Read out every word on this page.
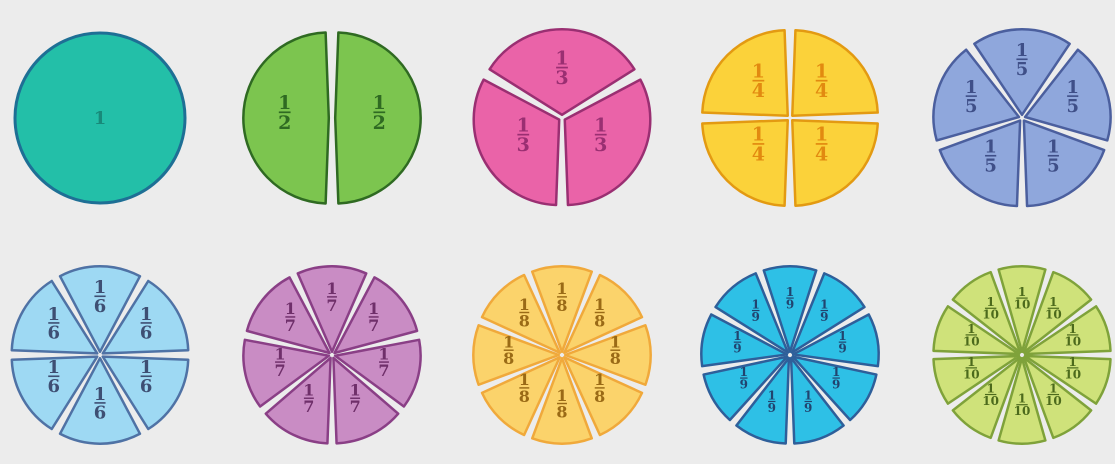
1
1
2
1
2
1
3
1
3
1
3
1
4
1
4
1
4
1
4
1
5
1
5
1
5
1
5
1
5
1
6 1
6
1
6
1
6
1
6
1
6
1
7 1
7
1
7
1
7
1
7
1
7
1
7
1
8 1
8
1
8
1
8
1
8
1
8
1
8
1
8
1
9 1
9
1
9
1
9
1
9
1
9
1
9
1
9
1
9
1
10 1
10
1
10
1
10
1
10
1
10
1
10
1
10
1
10
1
10
